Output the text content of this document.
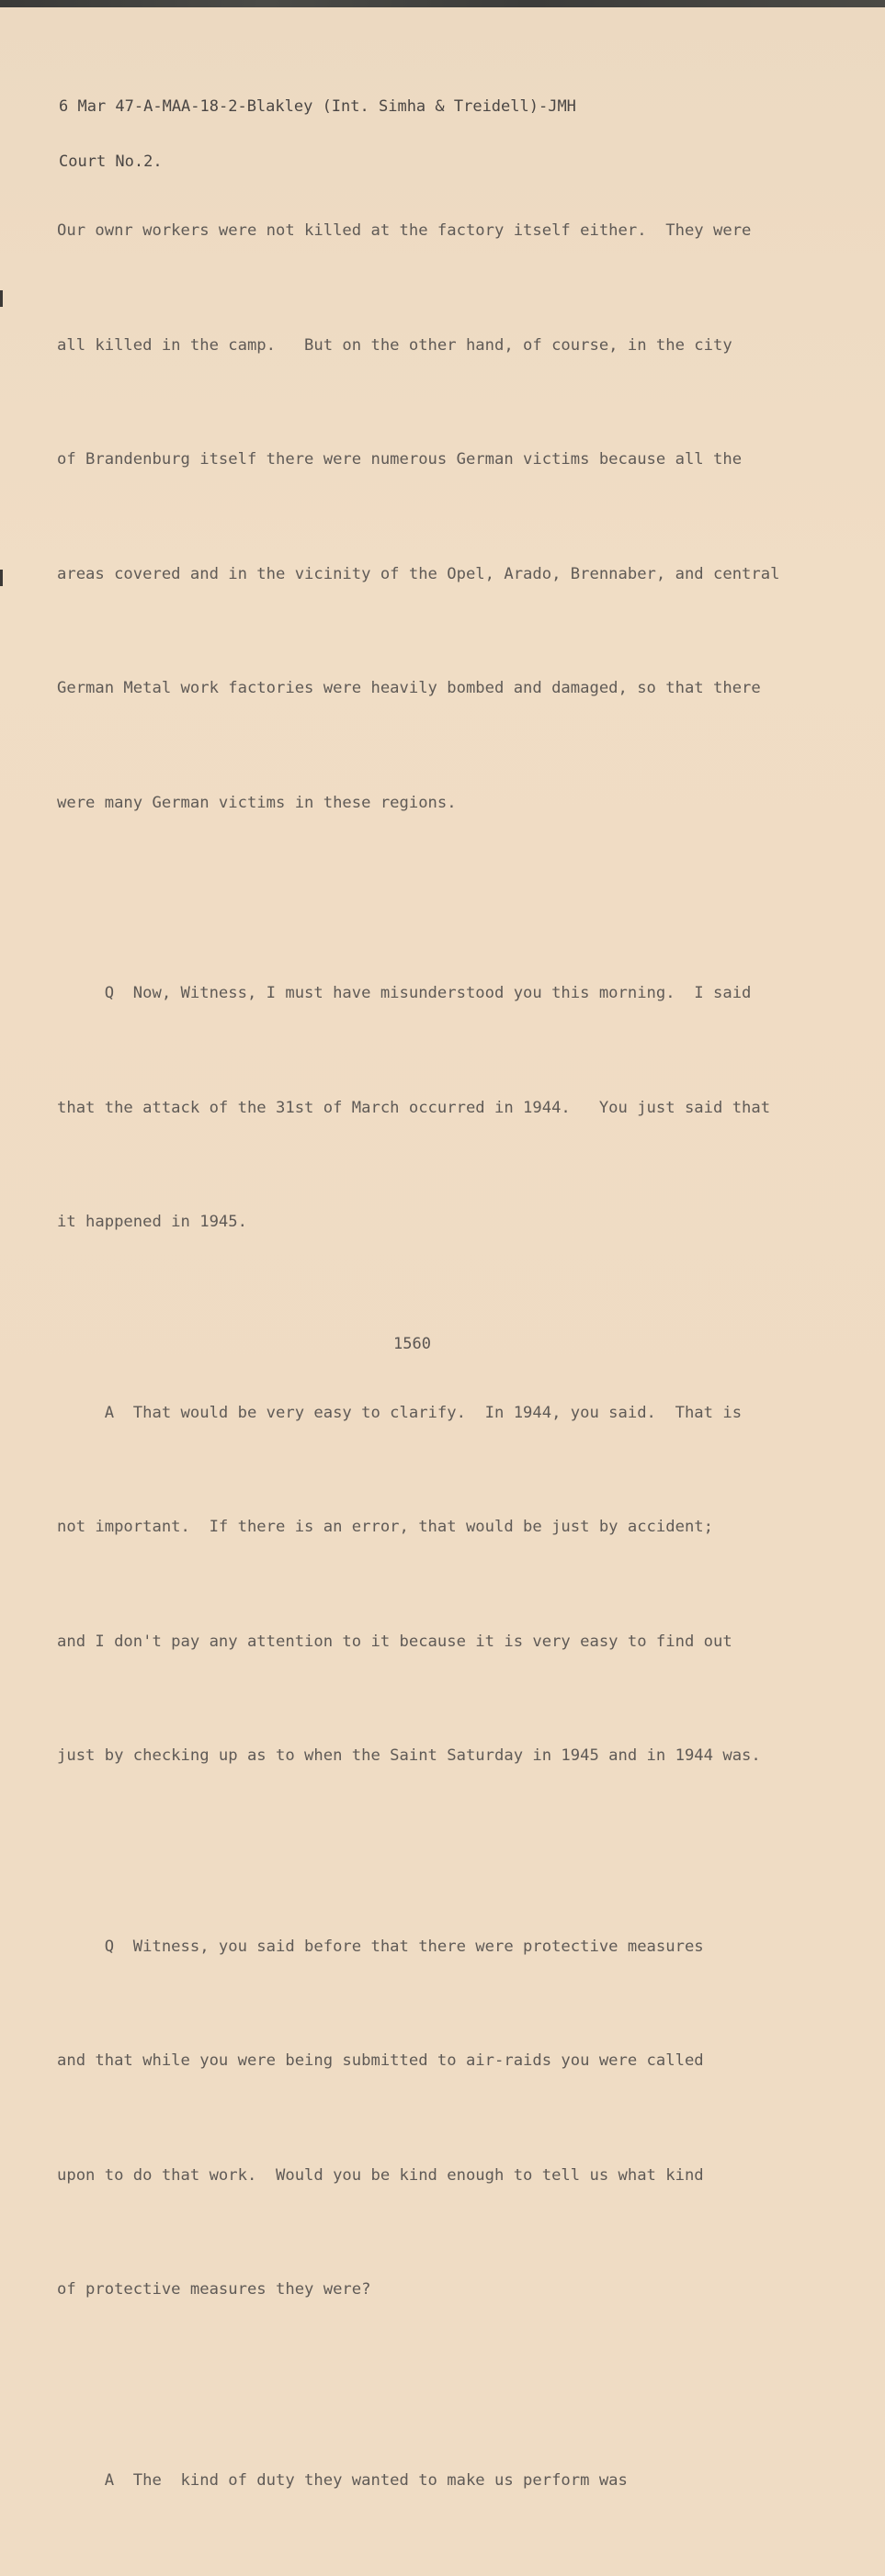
6 Mar 47-A-MAA-18-2-Blakley (Int. Simha & Treidell)-JMH

Court No.2.

Our ownr workers were not killed at the factory itself either.  They were

all killed in the camp.   But on the other hand, of course, in the city

of Brandenburg itself there were numerous German victims because all the

areas covered and in the vicinity of the Opel, Arado, Brennaber, and central

German Metal work factories were heavily bombed and damaged, so that there

were many German victims in these regions.

Q  Now, Witness, I must have misunderstood you this morning.  I said

that the attack of the 31st of March occurred in 1944.   You just said that

it happened in 1945.

A  That would be very easy to clarify.  In 1944, you said.  That is

not important.  If there is an error, that would be just by accident;

and I don't pay any attention to it because it is very easy to find out

just by checking up as to when the Saint Saturday in 1945 and in 1944 was.

Q  Witness, you said before that there were protective measures

and that while you were being submitted to air-raids you were called

upon to do that work.  Would you be kind enough to tell us what kind

of protective measures they were?

A  The  kind of duty they wanted to make us perform was

1560
